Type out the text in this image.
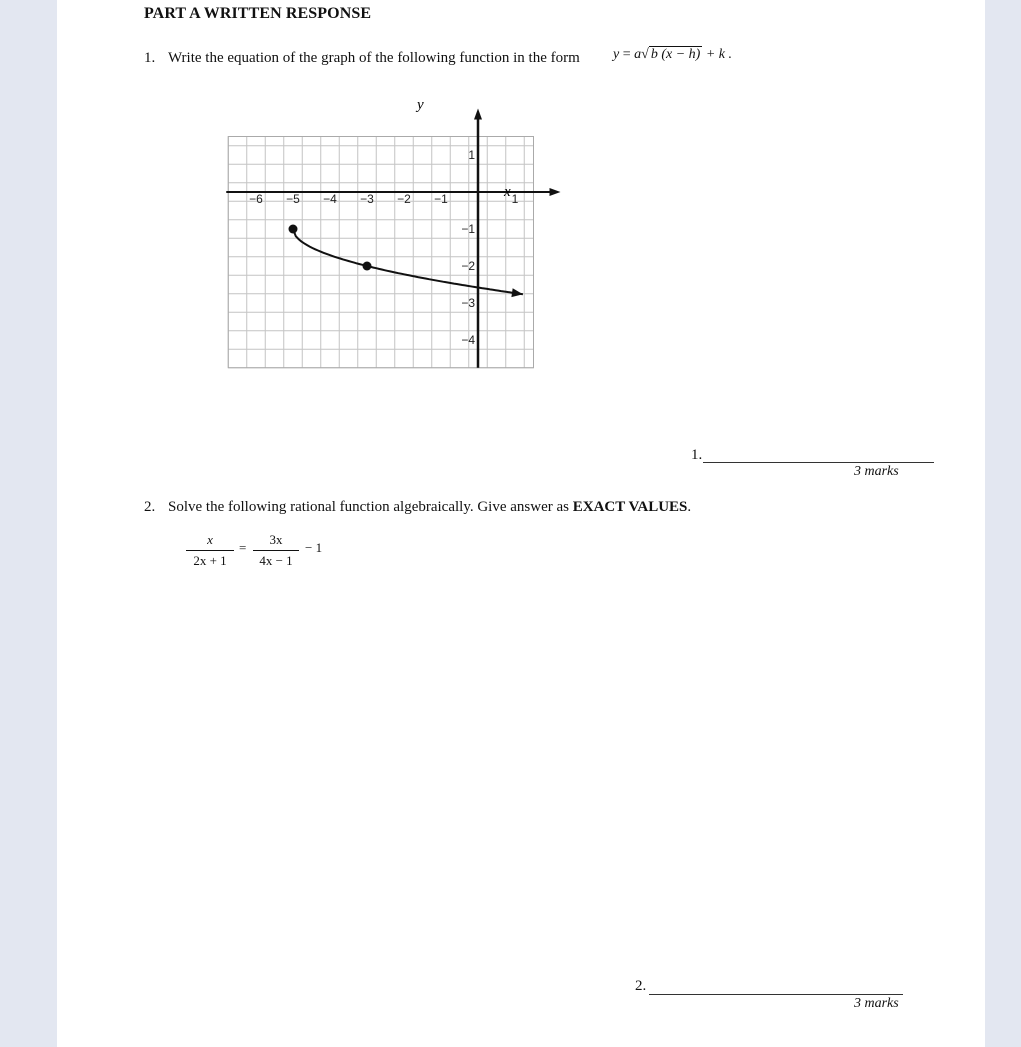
PART A WRITTEN RESPONSE
1. Write the equation of the graph of the following function in the form y = a√ b (x − h) + k .
−6 −5 −4 −3 −2 −1	1
1
−1
−2
−3
−4
x
y
1.
3 marks
2. Solve the following rational function algebraically. Give answer as EXACT VALUES.
$\frac{x}{2x + 1} = \frac{3x}{4x - 1} - 1$
2.
3 marks
